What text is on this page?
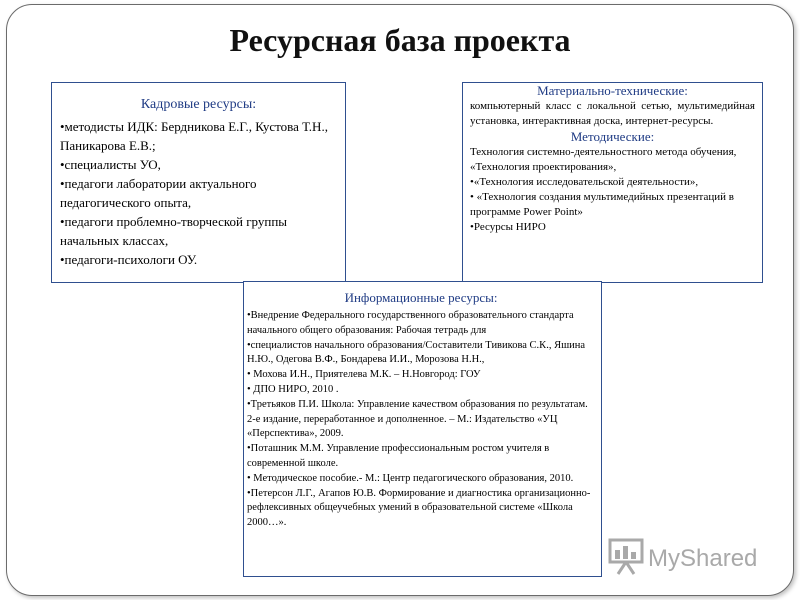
Ресурсная база проекта
Кадровые ресурсы:
•методисты ИДК: Бердникова Е.Г., Кустова Т.Н., Паникарова Е.В.;
•специалисты УО,
•педагоги лаборатории актуального педагогического опыта,
•педагоги проблемно-творческой группы начальных классах,
•педагоги-психологи ОУ.
Материально-технические:

компьютерный класс с локальной сетью, мультимедийная установка, интерактивная доска, интернет-ресурсы.

Методические:

Технология системно-деятельностного метода обучения,

«Технология проектирования»,
•«Технология исследовательской деятельности»,
• «Технология создания мультимедийных презентаций в программе Power Point»
•Ресурсы НИРО
Информационные ресурсы:
•Внедрение Федерального государственного образовательного стандарта начального общего образования: Рабочая тетрадь для
•специалистов начального образования/Составители Тивикова С.К., Яшина Н.Ю., Одегова В.Ф., Бондарева И.И., Морозова Н.Н.,
• Мохова И.Н., Приятелева М.К. – Н.Новгород: ГОУ
• ДПО НИРО, 2010 .
•Третьяков П.И. Школа: Управление качеством образования по результатам. 2-е издание, переработанное и дополненное. – М.: Издательство «УЦ «Перспектива», 2009.
•Поташник М.М. Управление профессиональным ростом учителя в современной школе.
• Методическое пособие.- М.: Центр педагогического образования, 2010.
•Петерсон Л.Г., Агапов Ю.В. Формирование и диагностика организационно-рефлексивных общеучебных умений в образовательной системе «Школа 2000…».
MyShared
